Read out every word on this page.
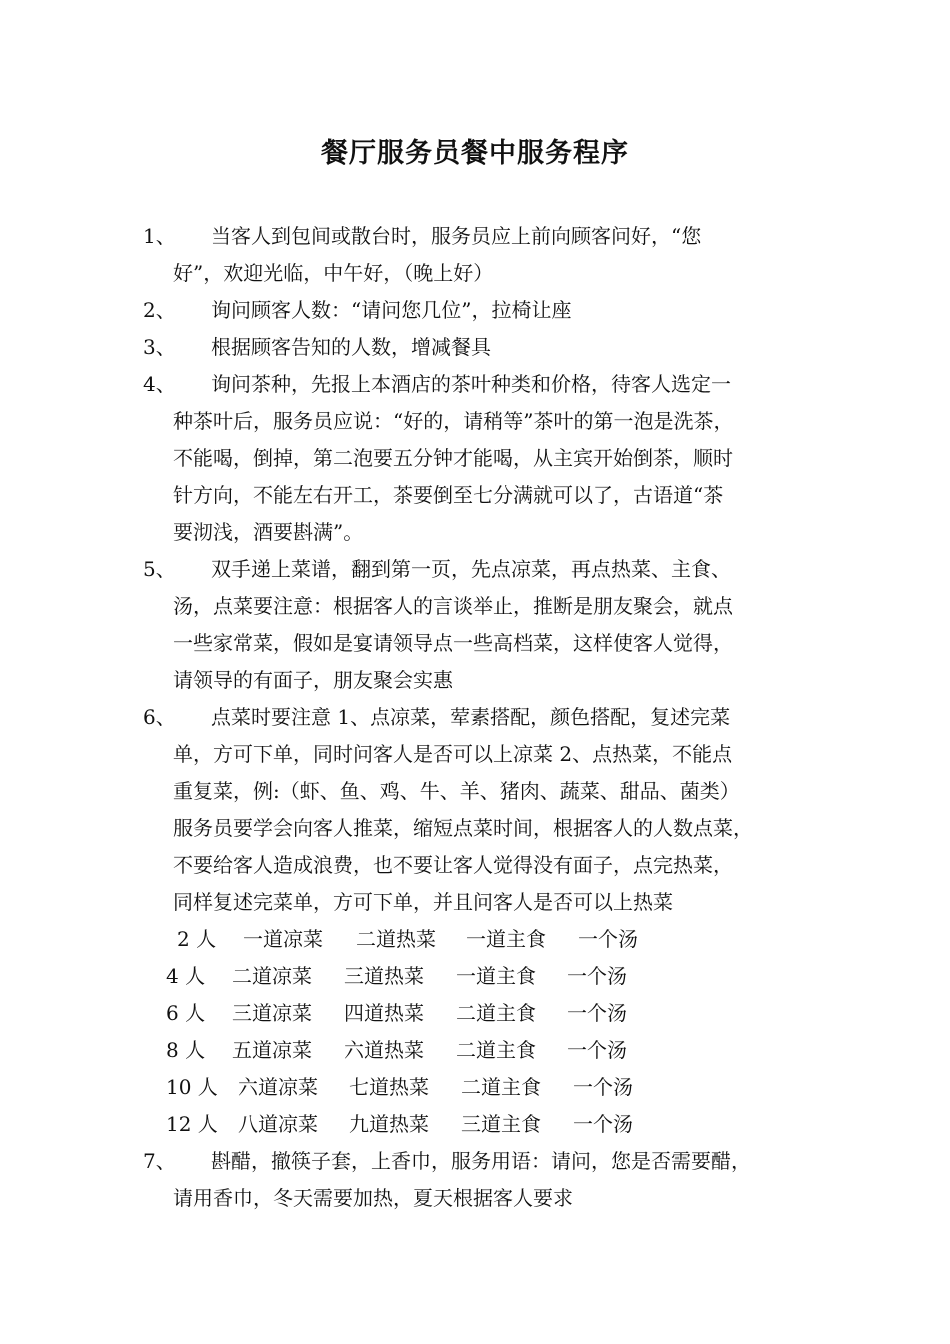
餐厅服务员餐中服务程序
1、 当客人到包间或散台时，服务员应上前向顾客问好，“您
好”，欢迎光临，中午好，（晚上好）
2、 询问顾客人数：“请问您几位”，拉椅让座
3、 根据顾客告知的人数，增减餐具
4、 询问茶种，先报上本酒店的茶叶种类和价格，待客人选定一
种茶叶后，服务员应说：“好的，请稍等”茶叶的第一泡是洗茶，
不能喝，倒掉，第二泡要五分钟才能喝，从主宾开始倒茶，顺时
针方向，不能左右开工，茶要倒至七分满就可以了，古语道“茶
要沏浅，酒要斟满”。
5、 双手递上菜谱，翻到第一页，先点凉菜，再点热菜、主食、
汤，点菜要注意：根据客人的言谈举止，推断是朋友聚会，就点
一些家常菜，假如是宴请领导点一些高档菜，这样使客人觉得，
请领导的有面子，朋友聚会实惠
6、 点菜时要注意 1、点凉菜，荤素搭配，颜色搭配，复述完菜
单，方可下单，同时问客人是否可以上凉菜 2、点热菜，不能点
重复菜，例:（虾、鱼、鸡、牛、羊、猪肉、蔬菜、甜品、菌类）
服务员要学会向客人推菜，缩短点菜时间，根据客人的人数点菜，
不要给客人造成浪费，也不要让客人觉得没有面子，点完热菜，
同样复述完菜单，方可下单，并且问客人是否可以上热菜
2 人 一道凉菜 二道热菜 一道主食 一个汤
4 人 二道凉菜 三道热菜 一道主食 一个汤
6 人 三道凉菜 四道热菜 二道主食 一个汤
8 人 五道凉菜 六道热菜 二道主食 一个汤
10 人 六道凉菜 七道热菜 二道主食 一个汤
12 人 八道凉菜 九道热菜 三道主食 一个汤
7、 斟醋，撤筷子套，上香巾，服务用语：请问，您是否需要醋，
请用香巾，冬天需要加热，夏天根据客人要求
